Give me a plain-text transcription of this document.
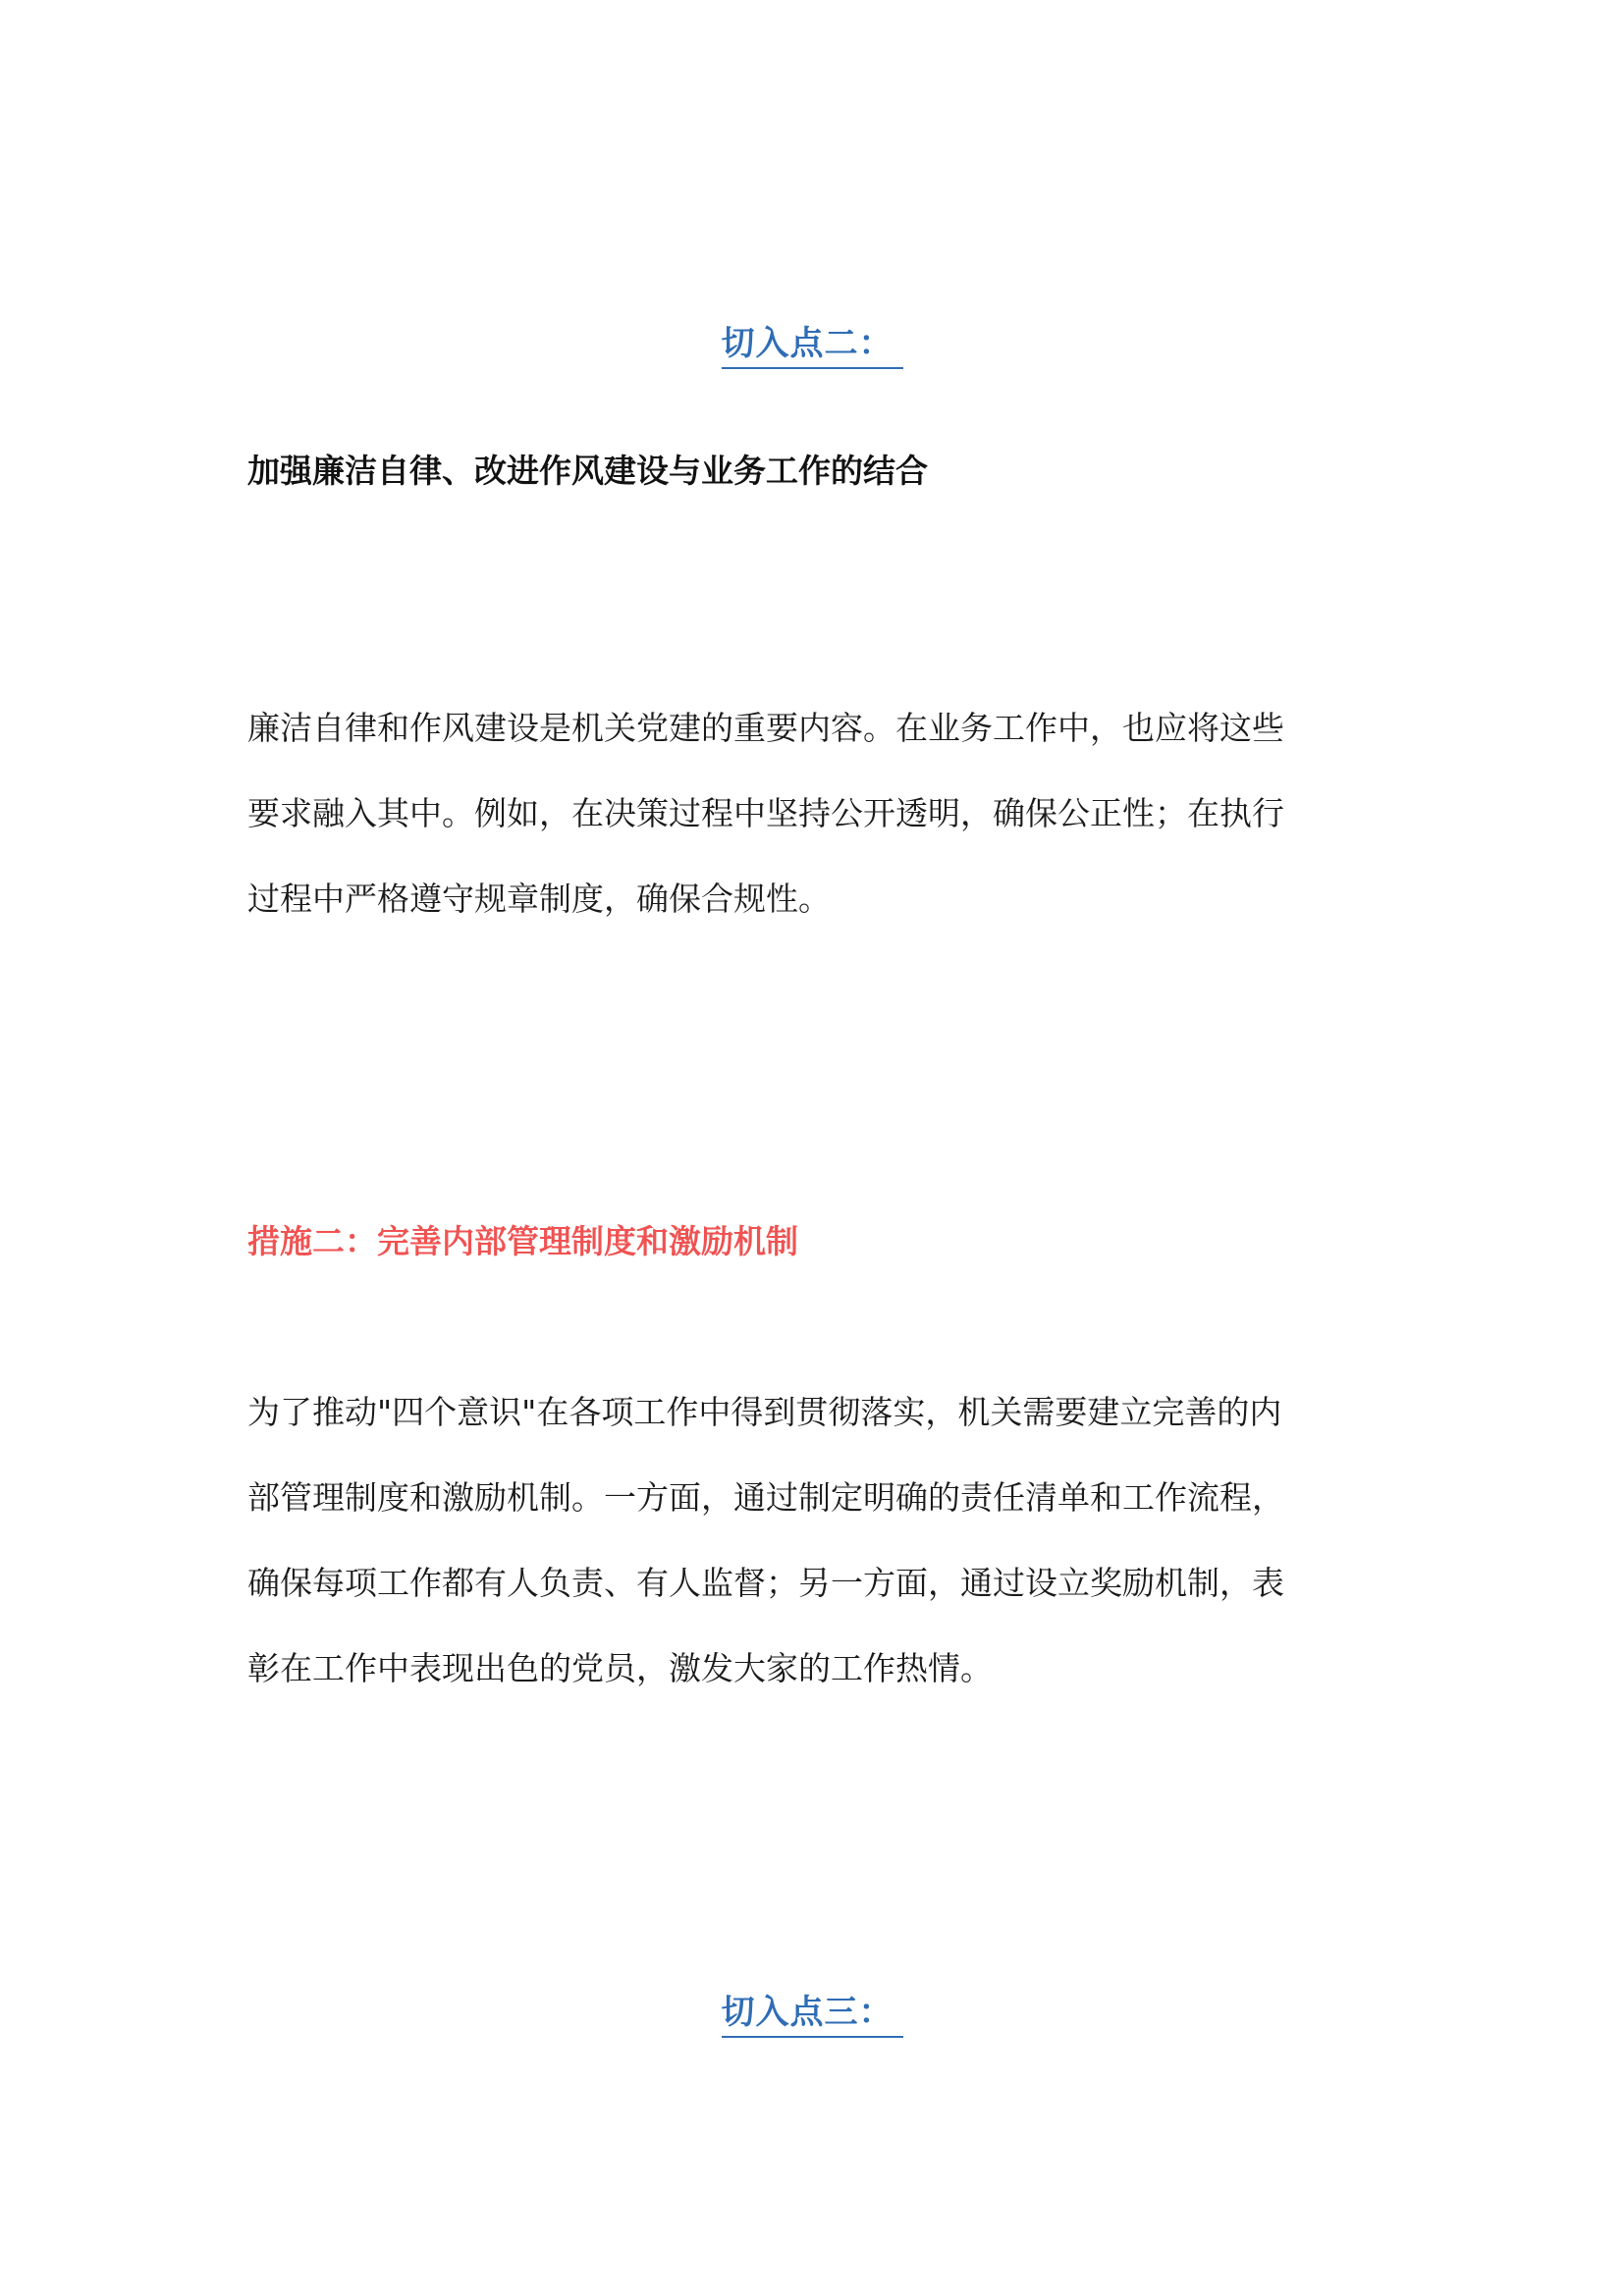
切入点二：
加强廉洁自律、改进作风建设与业务工作的结合

廉洁自律和作风建设是机关党建的重要内容。在业务工作中，也应将这些
要求融入其中。例如，在决策过程中坚持公开透明，确保公正性；在执行
过程中严格遵守规章制度，确保合规性。

措施二：完善内部管理制度和激励机制

为了推动"四个意识"在各项工作中得到贯彻落实，机关需要建立完善的内
部管理制度和激励机制。一方面，通过制定明确的责任清单和工作流程，
确保每项工作都有人负责、有人监督；另一方面，通过设立奖励机制，表
彰在工作中表现出色的党员，激发大家的工作热情。

切入点三：
